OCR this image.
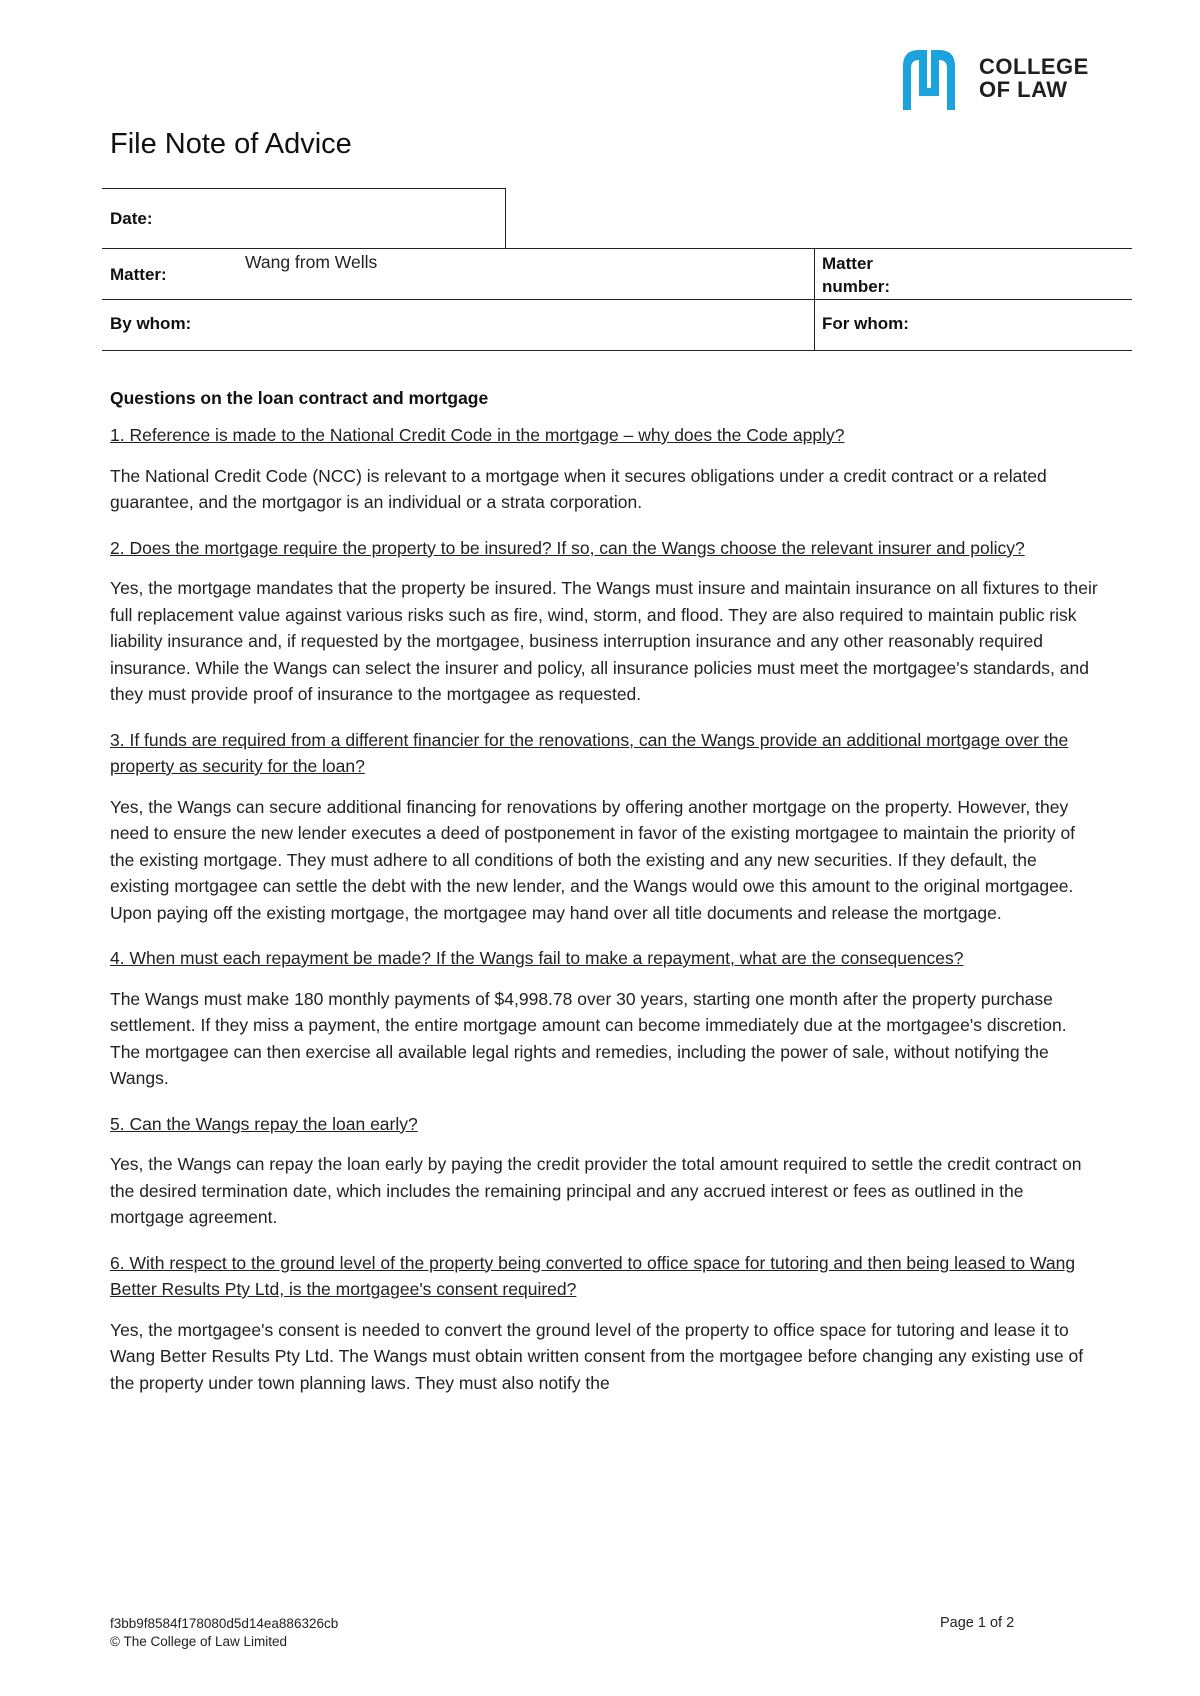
COLLEGE
OF LAW
File Note of Advice
Date:
Matter:
Wang from Wells	Matter number:
By whom:	For whom:
Questions on the loan contract and mortgage
1. Reference is made to the National Credit Code in the mortgage – why does the Code apply?
The National Credit Code (NCC) is relevant to a mortgage when it secures obligations under a credit contract or a related guarantee, and the mortgagor is an individual or a strata corporation.
2. Does the mortgage require the property to be insured? If so, can the Wangs choose the relevant insurer and policy?
Yes, the mortgage mandates that the property be insured. The Wangs must insure and maintain insurance on all fixtures to their full replacement value against various risks such as fire, wind, storm, and flood. They are also required to maintain public risk liability insurance and, if requested by the mortgagee, business interruption insurance and any other reasonably required insurance. While the Wangs can select the insurer and policy, all insurance policies must meet the mortgagee's standards, and they must provide proof of insurance to the mortgagee as requested.
3. If funds are required from a different financier for the renovations, can the Wangs provide an additional mortgage over the property as security for the loan?
Yes, the Wangs can secure additional financing for renovations by offering another mortgage on the property. However, they need to ensure the new lender executes a deed of postponement in favor of the existing mortgagee to maintain the priority of the existing mortgage. They must adhere to all conditions of both the existing and any new securities. If they default, the existing mortgagee can settle the debt with the new lender, and the Wangs would owe this amount to the original mortgagee. Upon paying off the existing mortgage, the mortgagee may hand over all title documents and release the mortgage.
4. When must each repayment be made? If the Wangs fail to make a repayment, what are the consequences?
The Wangs must make 180 monthly payments of $4,998.78 over 30 years, starting one month after the property purchase settlement. If they miss a payment, the entire mortgage amount can become immediately due at the mortgagee's discretion. The mortgagee can then exercise all available legal rights and remedies, including the power of sale, without notifying the Wangs.
5. Can the Wangs repay the loan early?
Yes, the Wangs can repay the loan early by paying the credit provider the total amount required to settle the credit contract on the desired termination date, which includes the remaining principal and any accrued interest or fees as outlined in the mortgage agreement.
6. With respect to the ground level of the property being converted to office space for tutoring and then being leased to Wang Better Results Pty Ltd, is the mortgagee's consent required?
Yes, the mortgagee's consent is needed to convert the ground level of the property to office space for tutoring and lease it to Wang Better Results Pty Ltd. The Wangs must obtain written consent from the mortgagee before changing any existing use of the property under town planning laws. They must also notify the
f3bb9f8584f178080d5d14ea886326cb
© The College of Law Limited
Page 1 of 2
